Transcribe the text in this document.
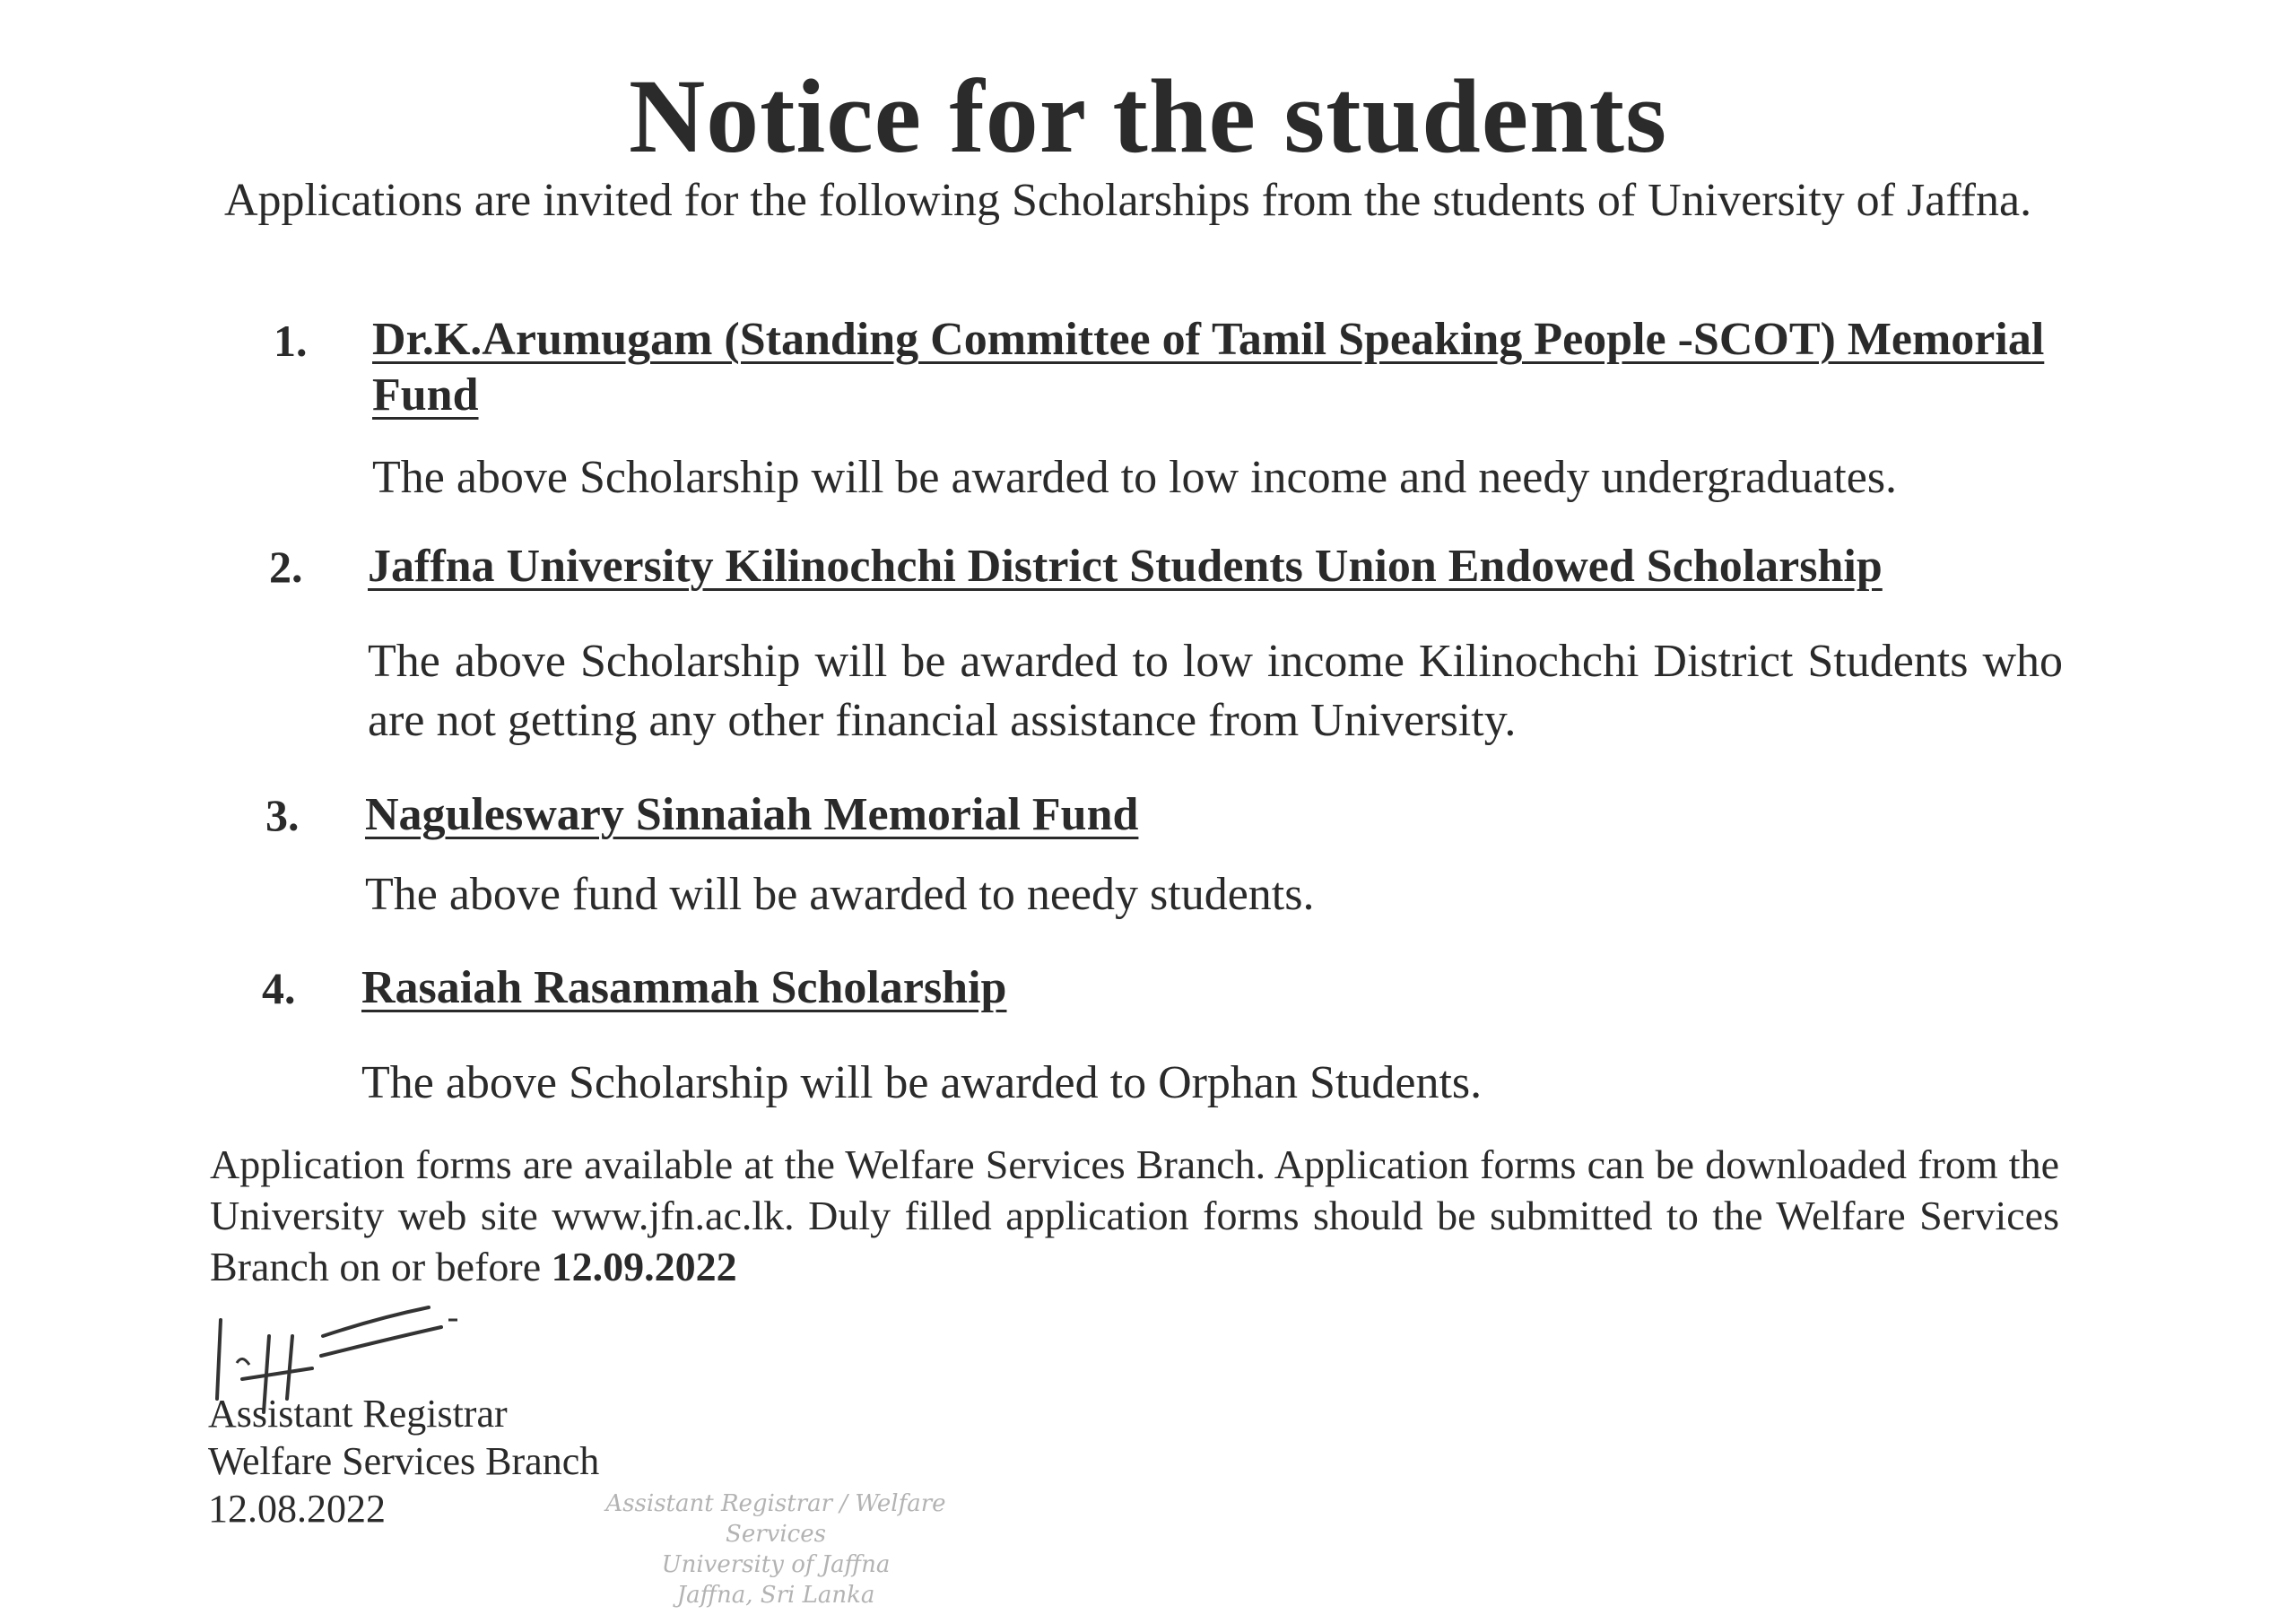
Notice for the students
Applications are invited for the following Scholarships from the students of University of Jaffna.
1. Dr.K.Arumugam (Standing Committee of Tamil Speaking People -SCOT) Memorial Fund
The above Scholarship will be awarded to low income and needy undergraduates.
2. Jaffna University Kilinochchi District Students Union Endowed Scholarship
The above Scholarship will be awarded to low income Kilinochchi District Students who are not getting any other financial assistance from University.
3. Naguleswary Sinnaiah Memorial Fund
The above fund will be awarded to needy students.
4. Rasaiah Rasammah Scholarship
The above Scholarship will be awarded to Orphan Students.
Application forms are available at the Welfare Services Branch. Application forms can be downloaded from the University web site www.jfn.ac.lk. Duly filled application forms should be submitted to the Welfare Services Branch on or before 12.09.2022
Assistant Registrar
Welfare Services Branch
12.08.2022	Assistant Registrar / Welfare Services
University of Jaffna
Jaffna, Sri Lanka
